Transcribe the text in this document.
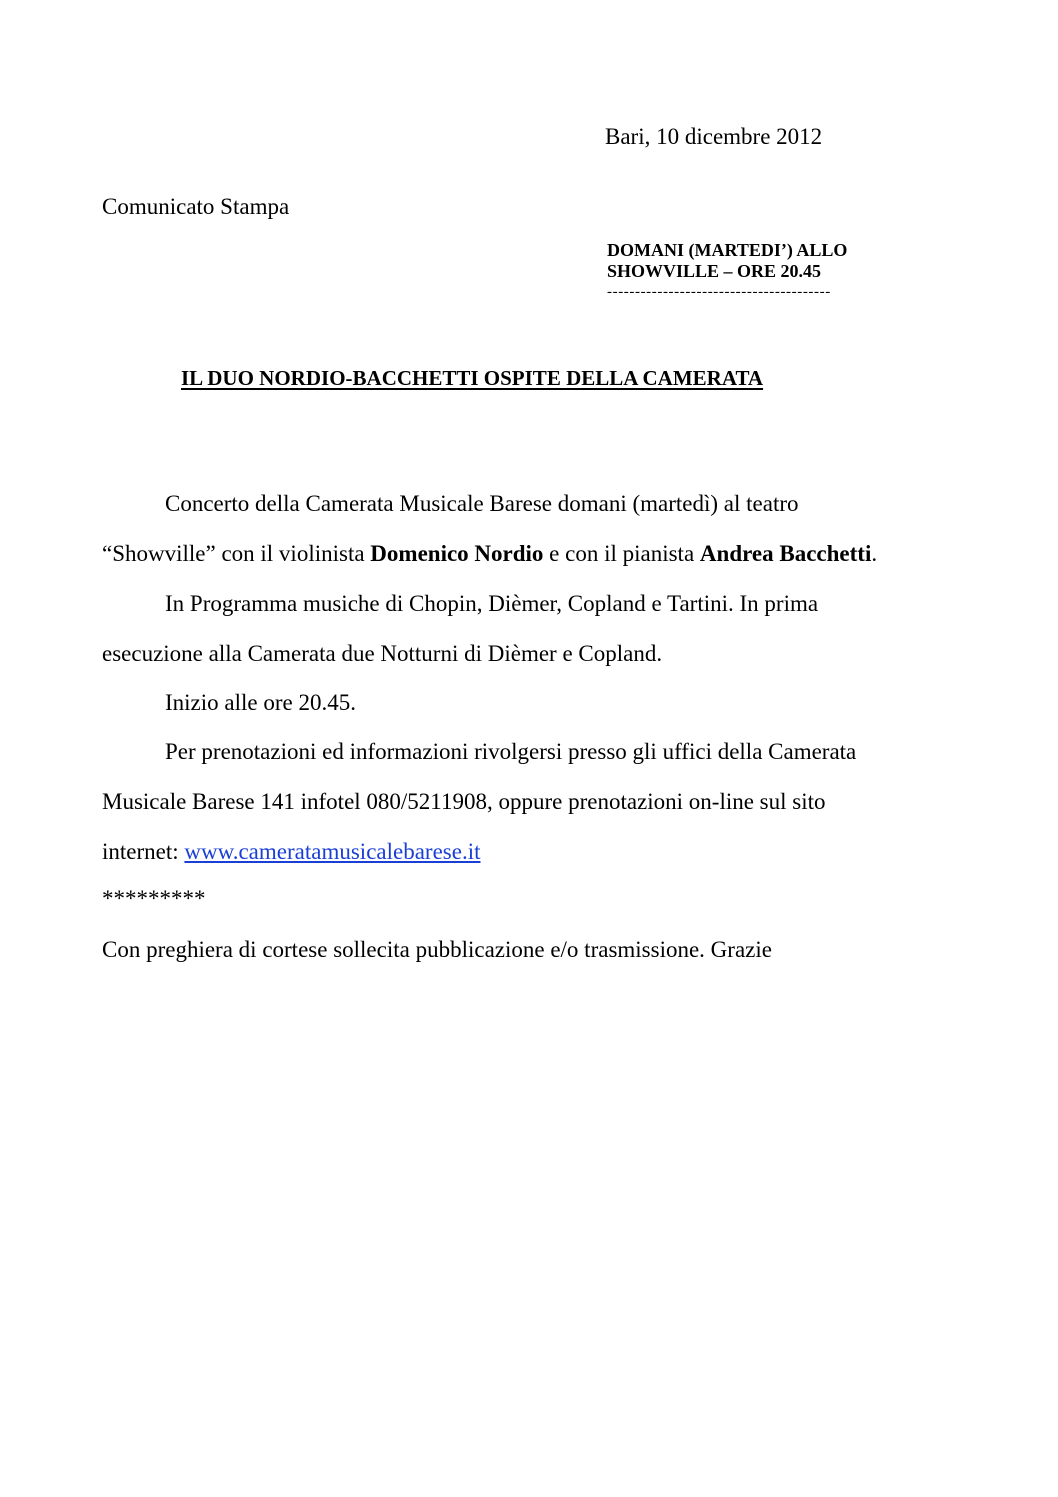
Bari, 10 dicembre 2012
Comunicato Stampa
DOMANI (MARTEDI’) ALLO
SHOWVILLE – ORE 20.45
----------------------------------------
IL DUO NORDIO-BACCHETTI OSPITE DELLA CAMERATA
Concerto della Camerata Musicale Barese domani (martedì) al teatro
“Showville” con il violinista Domenico Nordio e con il pianista Andrea Bacchetti.
In Programma musiche di Chopin, Dièmer, Copland e Tartini. In prima
esecuzione alla Camerata due Notturni di Dièmer e Copland.
Inizio alle ore 20.45.
Per prenotazioni ed informazioni rivolgersi presso gli uffici della Camerata
Musicale Barese 141 infotel 080/5211908, oppure prenotazioni on-line sul sito
internet: www.cameratamusicalebarese.it
*********
Con preghiera di cortese sollecita pubblicazione e/o trasmissione. Grazie
